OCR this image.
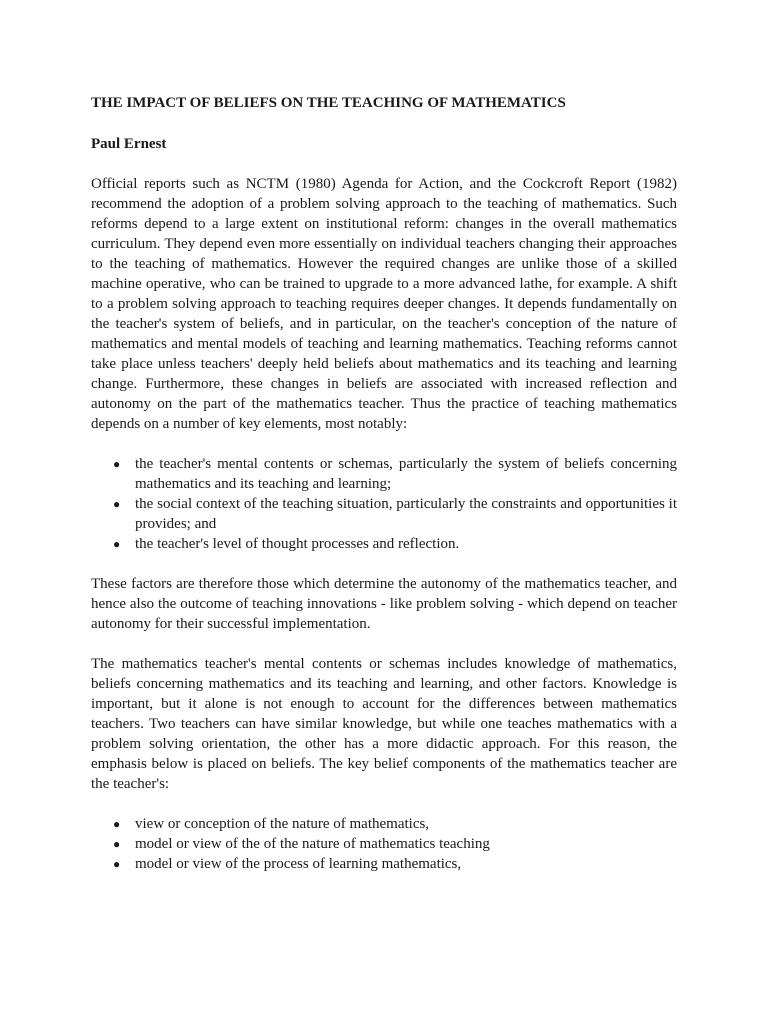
THE IMPACT OF BELIEFS ON THE TEACHING OF MATHEMATICS
Paul Ernest

Official reports such as NCTM (1980) Agenda for Action, and the Cockcroft Report (1982) recommend the adoption of a problem solving approach to the teaching of mathematics. Such reforms depend to a large extent on institutional reform: changes in the overall mathematics curriculum. They depend even more essentially on individual teachers changing their approaches to the teaching of mathematics. However the required changes are unlike those of a skilled machine operative, who can be trained to upgrade to a more advanced lathe, for example. A shift to a problem solving approach to teaching requires deeper changes. It depends fundamentally on the teacher's system of beliefs, and in particular, on the teacher's conception of the nature of mathematics and mental models of teaching and learning mathematics. Teaching reforms cannot take place unless teachers' deeply held beliefs about mathematics and its teaching and learning change. Furthermore, these changes in beliefs are associated with increased reflection and autonomy on the part of the mathematics teacher. Thus the practice of teaching mathematics depends on a number of key elements, most notably:

● the teacher's mental contents or schemas, particularly the system of beliefs concerning mathematics and its teaching and learning;
● the social context of the teaching situation, particularly the constraints and opportunities it provides; and
● the teacher's level of thought processes and reflection.

These factors are therefore those which determine the autonomy of the mathematics teacher, and hence also the outcome of teaching innovations - like problem solving - which depend on teacher autonomy for their successful implementation.

The mathematics teacher's mental contents or schemas includes knowledge of mathematics, beliefs concerning mathematics and its teaching and learning, and other factors. Knowledge is important, but it alone is not enough to account for the differences between mathematics teachers. Two teachers can have similar knowledge, but while one teaches mathematics with a problem solving orientation, the other has a more didactic approach. For this reason, the emphasis below is placed on beliefs. The key belief components of the mathematics teacher are the teacher's:

● view or conception of the nature of mathematics,
● model or view of the of the nature of mathematics teaching
● model or view of the process of learning mathematics,
